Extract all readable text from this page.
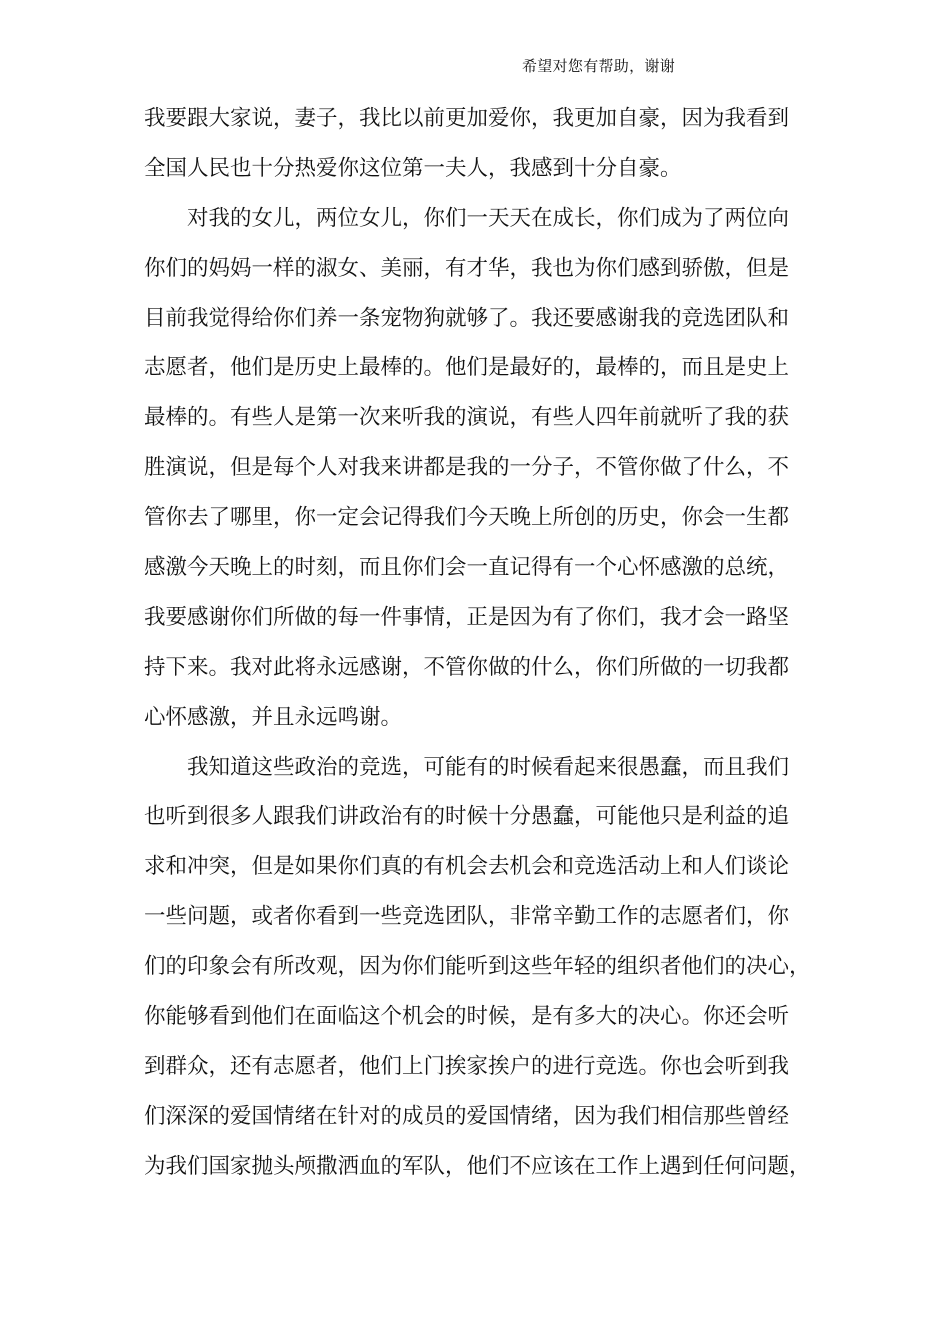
希望对您有帮助，谢谢
我要跟大家说，妻子，我比以前更加爱你，我更加自豪，因为我看到
全国人民也十分热爱你这位第一夫人，我感到十分自豪。
对我的女儿，两位女儿，你们一天天在成长，你们成为了两位向
你们的妈妈一样的淑女、美丽，有才华，我也为你们感到骄傲，但是
目前我觉得给你们养一条宠物狗就够了。我还要感谢我的竞选团队和
志愿者，他们是历史上最棒的。他们是最好的，最棒的，而且是史上
最棒的。有些人是第一次来听我的演说，有些人四年前就听了我的获
胜演说，但是每个人对我来讲都是我的一分子，不管你做了什么，不
管你去了哪里，你一定会记得我们今天晚上所创的历史，你会一生都
感激今天晚上的时刻，而且你们会一直记得有一个心怀感激的总统，
我要感谢你们所做的每一件事情，正是因为有了你们，我才会一路坚
持下来。我对此将永远感谢，不管你做的什么，你们所做的一切我都
心怀感激，并且永远鸣谢。
我知道这些政治的竞选，可能有的时候看起来很愚蠢，而且我们
也听到很多人跟我们讲政治有的时候十分愚蠢，可能他只是利益的追
求和冲突，但是如果你们真的有机会去机会和竞选活动上和人们谈论
一些问题，或者你看到一些竞选团队，非常辛勤工作的志愿者们，你
们的印象会有所改观，因为你们能听到这些年轻的组织者他们的决心，
你能够看到他们在面临这个机会的时候，是有多大的决心。你还会听
到群众，还有志愿者，他们上门挨家挨户的进行竞选。你也会听到我
们深深的爱国情绪在针对的成员的爱国情绪，因为我们相信那些曾经
为我们国家抛头颅撒洒血的军队，他们不应该在工作上遇到任何问题，
